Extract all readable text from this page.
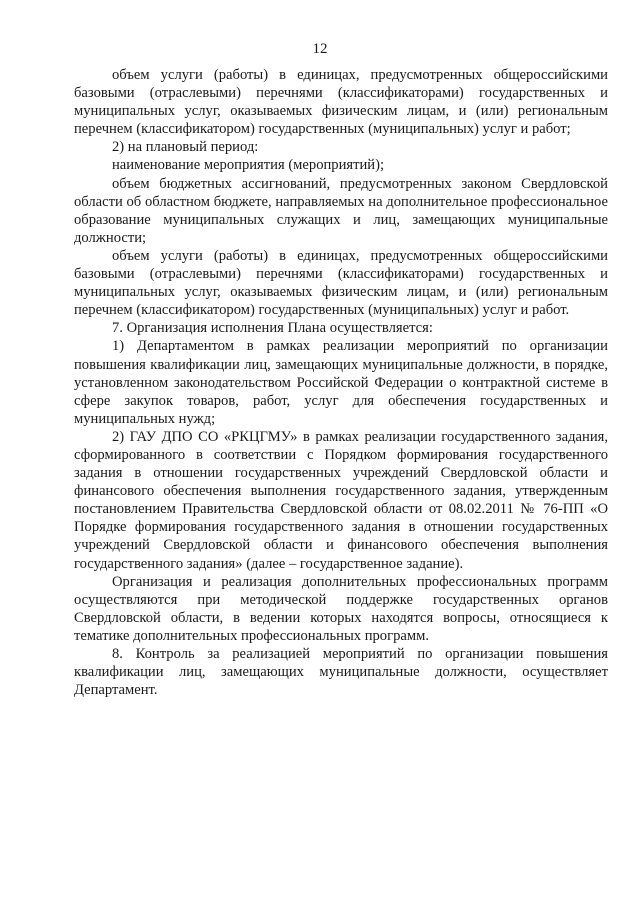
12

объем услуги (работы) в единицах, предусмотренных общероссийскими базовыми (отраслевыми) перечнями (классификаторами) государственных и муниципальных услуг, оказываемых физическим лицам, и (или) региональным перечнем (классификатором) государственных (муниципальных) услуг и работ;

2) на плановый период:

наименование мероприятия (мероприятий);

объем бюджетных ассигнований, предусмотренных законом Свердловской области об областном бюджете, направляемых на дополнительное профессиональное образование муниципальных служащих и лиц, замещающих муниципальные должности;

объем услуги (работы) в единицах, предусмотренных общероссийскими базовыми (отраслевыми) перечнями (классификаторами) государственных и муниципальных услуг, оказываемых физическим лицам, и (или) региональным перечнем (классификатором) государственных (муниципальных) услуг и работ.

7. Организация исполнения Плана осуществляется:

1) Департаментом в рамках реализации мероприятий по организации повышения квалификации лиц, замещающих муниципальные должности, в порядке, установленном законодательством Российской Федерации о контрактной системе в сфере закупок товаров, работ, услуг для обеспечения государственных и муниципальных нужд;

2) ГАУ ДПО СО «РКЦГМУ» в рамках реализации государственного задания, сформированного в соответствии с Порядком формирования государственного задания в отношении государственных учреждений Свердловской области и финансового обеспечения выполнения государственного задания, утвержденным постановлением Правительства Свердловской области от 08.02.2011 № 76-ПП «О Порядке формирования государственного задания в отношении государственных учреждений Свердловской области и финансового обеспечения выполнения государственного задания» (далее – государственное задание).

Организация и реализация дополнительных профессиональных программ осуществляются при методической поддержке государственных органов Свердловской области, в ведении которых находятся вопросы, относящиеся к тематике дополнительных профессиональных программ.

8. Контроль за реализацией мероприятий по организации повышения квалификации лиц, замещающих муниципальные должности, осуществляет Департамент.
